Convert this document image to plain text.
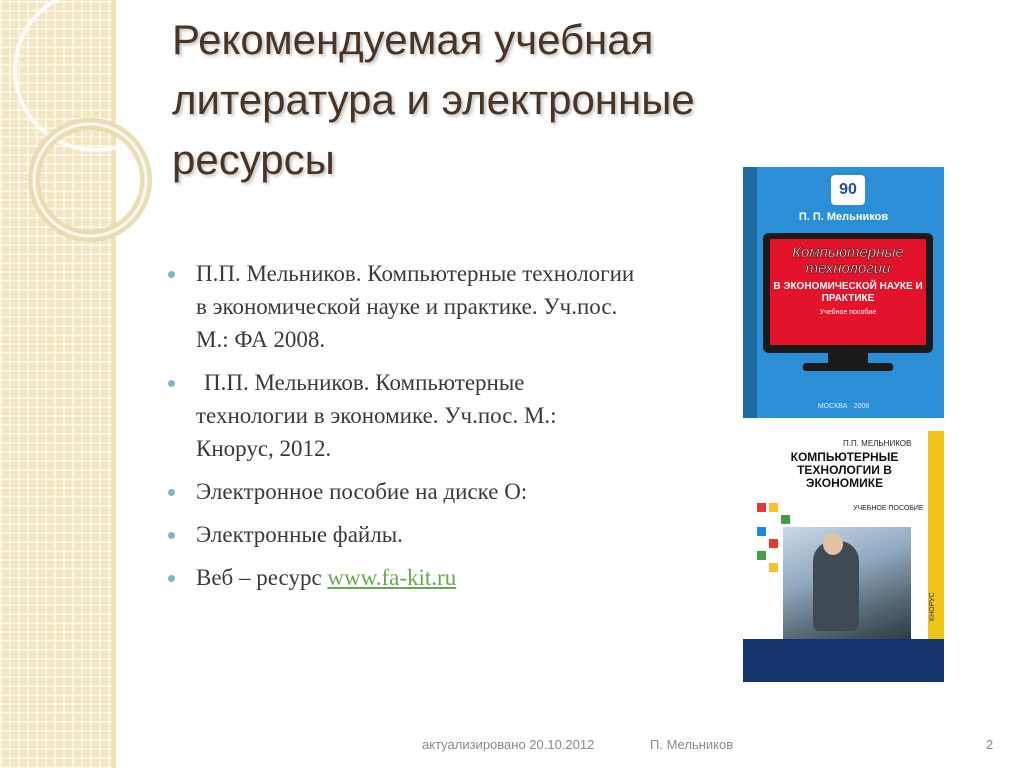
Рекомендуемая учебная
литература и электронные
ресурсы
П.П. Мельников. Компьютерные технологии в экономической науке и практике. Уч.пос. М.: ФА 2008.
П.П. Мельников. Компьютерные технологии в экономике. Уч.пос. М.: Кнорус, 2012.
Электронное пособие на диске О:
Электронные файлы.
Веб – ресурс www.fa-kit.ru
90
П. П. Мельников
Компьютерные технологии
В ЭКОНОМИЧЕСКОЙ НАУКЕ И ПРАКТИКЕ
Учебное пособие
МОСКВА · 2008
П.П. МЕЛЬНИКОВ
КОМПЬЮТЕРНЫЕ ТЕХНОЛОГИИ В ЭКОНОМИКЕ
УЧЕБНОЕ ПОСОБИЕ
КНОРУС
актуализировано 20.10.2012	П. Мельников	2
